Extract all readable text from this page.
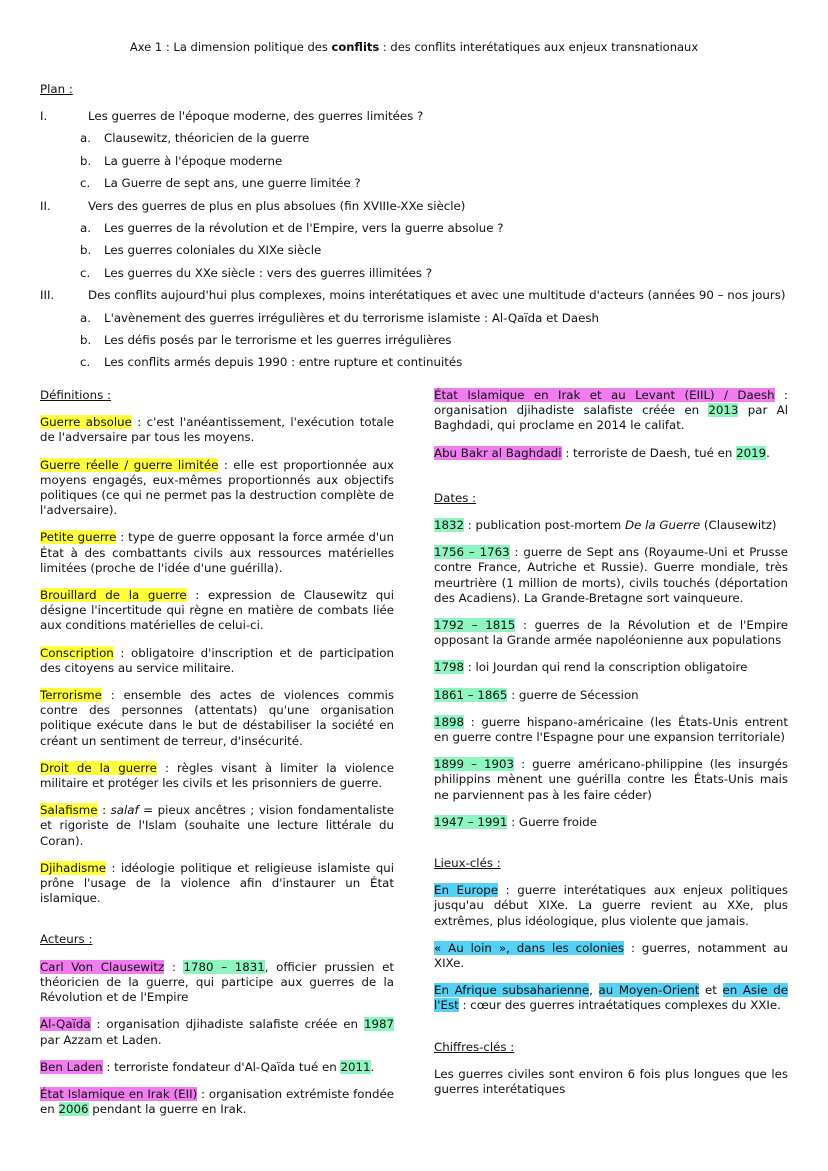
Axe 1 : La dimension politique des conflits : des conflits interétatiques aux enjeux transnationaux
Plan :
I.	Les guerres de l'époque moderne, des guerres limitées ?
a. Clausewitz, théoricien de la guerre
b. La guerre à l'époque moderne
c. La Guerre de sept ans, une guerre limitée ?
II.	Vers des guerres de plus en plus absolues (fin XVIIIe-XXe siècle)
a. Les guerres de la révolution et de l'Empire, vers la guerre absolue ?
b. Les guerres coloniales du XIXe siècle
c. Les guerres du XXe siècle : vers des guerres illimitées ?
III.	Des conflits aujourd'hui plus complexes, moins interétatiques et avec une multitude d'acteurs (années 90 – nos jours)
a. L'avènement des guerres irrégulières et du terrorisme islamiste : Al-Qaïda et Daesh
b. Les défis posés par le terrorisme et les guerres irrégulières
c. Les conflits armés depuis 1990 : entre rupture et continuités
Définitions :
Guerre absolue : c'est l'anéantissement, l'exécution totale de l'adversaire par tous les moyens.
Guerre réelle / guerre limitée : elle est proportionnée aux moyens engagés, eux-mêmes proportionnés aux objectifs politiques (ce qui ne permet pas la destruction complète de l'adversaire).
Petite guerre : type de guerre opposant la force armée d'un État à des combattants civils aux ressources matérielles limitées (proche de l'idée d'une guérilla).
Brouillard de la guerre : expression de Clausewitz qui désigne l'incertitude qui règne en matière de combats liée aux conditions matérielles de celui-ci.
Conscription : obligatoire d'inscription et de participation des citoyens au service militaire.
Terrorisme : ensemble des actes de violences commis contre des personnes (attentats) qu'une organisation politique exécute dans le but de déstabiliser la société en créant un sentiment de terreur, d'insécurité.
Droit de la guerre : règles visant à limiter la violence militaire et protéger les civils et les prisonniers de guerre.
Salafisme : salaf = pieux ancêtres ; vision fondamentaliste et rigoriste de l'Islam (souhaite une lecture littérale du Coran).
Djihadisme : idéologie politique et religieuse islamiste qui prône l'usage de la violence afin d'instaurer un État islamique.
Acteurs :
Carl Von Clausewitz : 1780 – 1831, officier prussien et théoricien de la guerre, qui participe aux guerres de la Révolution et de l'Empire
Al-Qaïda : organisation djihadiste salafiste créée en 1987 par Azzam et Laden.
Ben Laden : terroriste fondateur d'Al-Qaïda tué en 2011.
État Islamique en Irak (EII) : organisation extrémiste fondée en 2006 pendant la guerre en Irak.
État Islamique en Irak et au Levant (EIIL) / Daesh : organisation djihadiste salafiste créée en 2013 par Al Baghdadi, qui proclame en 2014 le califat.
Abu Bakr al Baghdadi : terroriste de Daesh, tué en 2019.
Dates :
1832 : publication post-mortem De la Guerre (Clausewitz)
1756 – 1763 : guerre de Sept ans (Royaume-Uni et Prusse contre France, Autriche et Russie). Guerre mondiale, très meurtrière (1 million de morts), civils touchés (déportation des Acadiens). La Grande-Bretagne sort vainqueure.
1792 – 1815 : guerres de la Révolution et de l'Empire opposant la Grande armée napoléonienne aux populations
1798 : loi Jourdan qui rend la conscription obligatoire
1861 – 1865 : guerre de Sécession
1898 : guerre hispano-américaine (les États-Unis entrent en guerre contre l'Espagne pour une expansion territoriale)
1899 – 1903 : guerre américano-philippine (les insurgés philippins mènent une guérilla contre les États-Unis mais ne parviennent pas à les faire céder)
1947 – 1991 : Guerre froide
Lieux-clés :
En Europe : guerre interétatiques aux enjeux politiques jusqu'au début XIXe. La guerre revient au XXe, plus extrêmes, plus idéologique, plus violente que jamais.
« Au loin », dans les colonies : guerres, notamment au XIXe.
En Afrique subsaharienne, au Moyen-Orient et en Asie de l'Est : cœur des guerres intraétatiques complexes du XXIe.
Chiffres-clés :
Les guerres civiles sont environ 6 fois plus longues que les guerres interétatiques
